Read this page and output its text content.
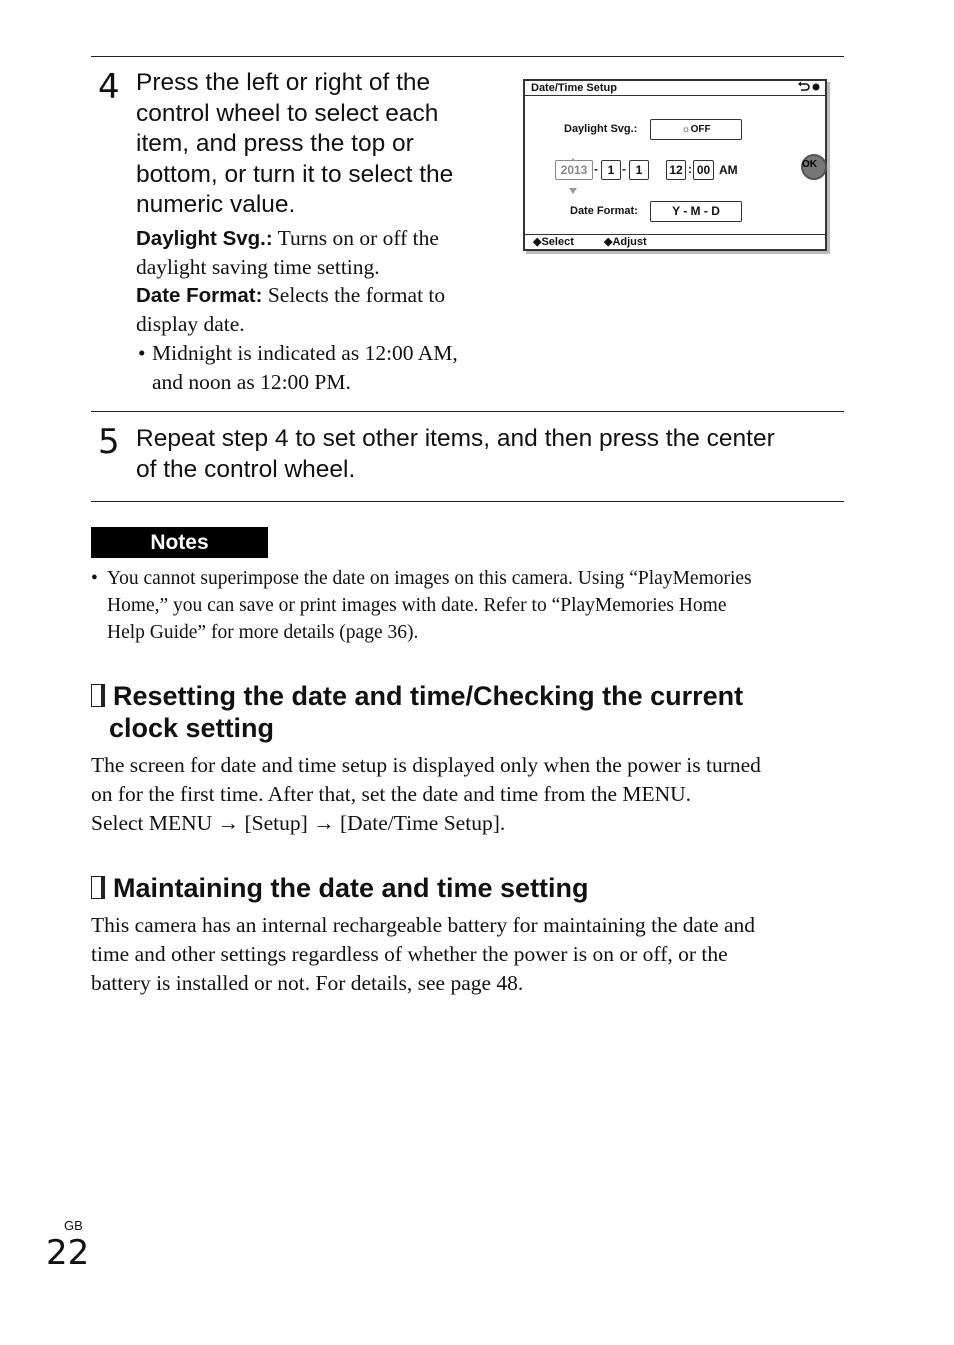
4 Press the left or right of the
control wheel to select each
item, and press the top or
bottom, or turn it to select the
numeric value.
Daylight Svg.: Turns on or off the
daylight saving time setting.
Date Format: Selects the format to
display date.
• Midnight is indicated as 12:00 AM,
and noon as 12:00 PM.
Date/Time Setup
Daylight Svg.:	☼OFF
2013 - 1 - 1	12 : 00 AM	OK
Date Format:	Y - M - D
◆Select	◆Adjust
5 Repeat step 4 to set other items, and then press the center
of the control wheel.
Notes
• You cannot superimpose the date on images on this camera. Using “PlayMemories
Home,” you can save or print images with date. Refer to “PlayMemories Home
Help Guide” for more details (page 36).
Resetting the date and time/Checking the current
clock setting
The screen for date and time setup is displayed only when the power is turned
on for the first time. After that, set the date and time from the MENU.
Select MENU → [Setup] → [Date/Time Setup].
Maintaining the date and time setting
This camera has an internal rechargeable battery for maintaining the date and
time and other settings regardless of whether the power is on or off, or the
battery is installed or not. For details, see page 48.
GB
22
